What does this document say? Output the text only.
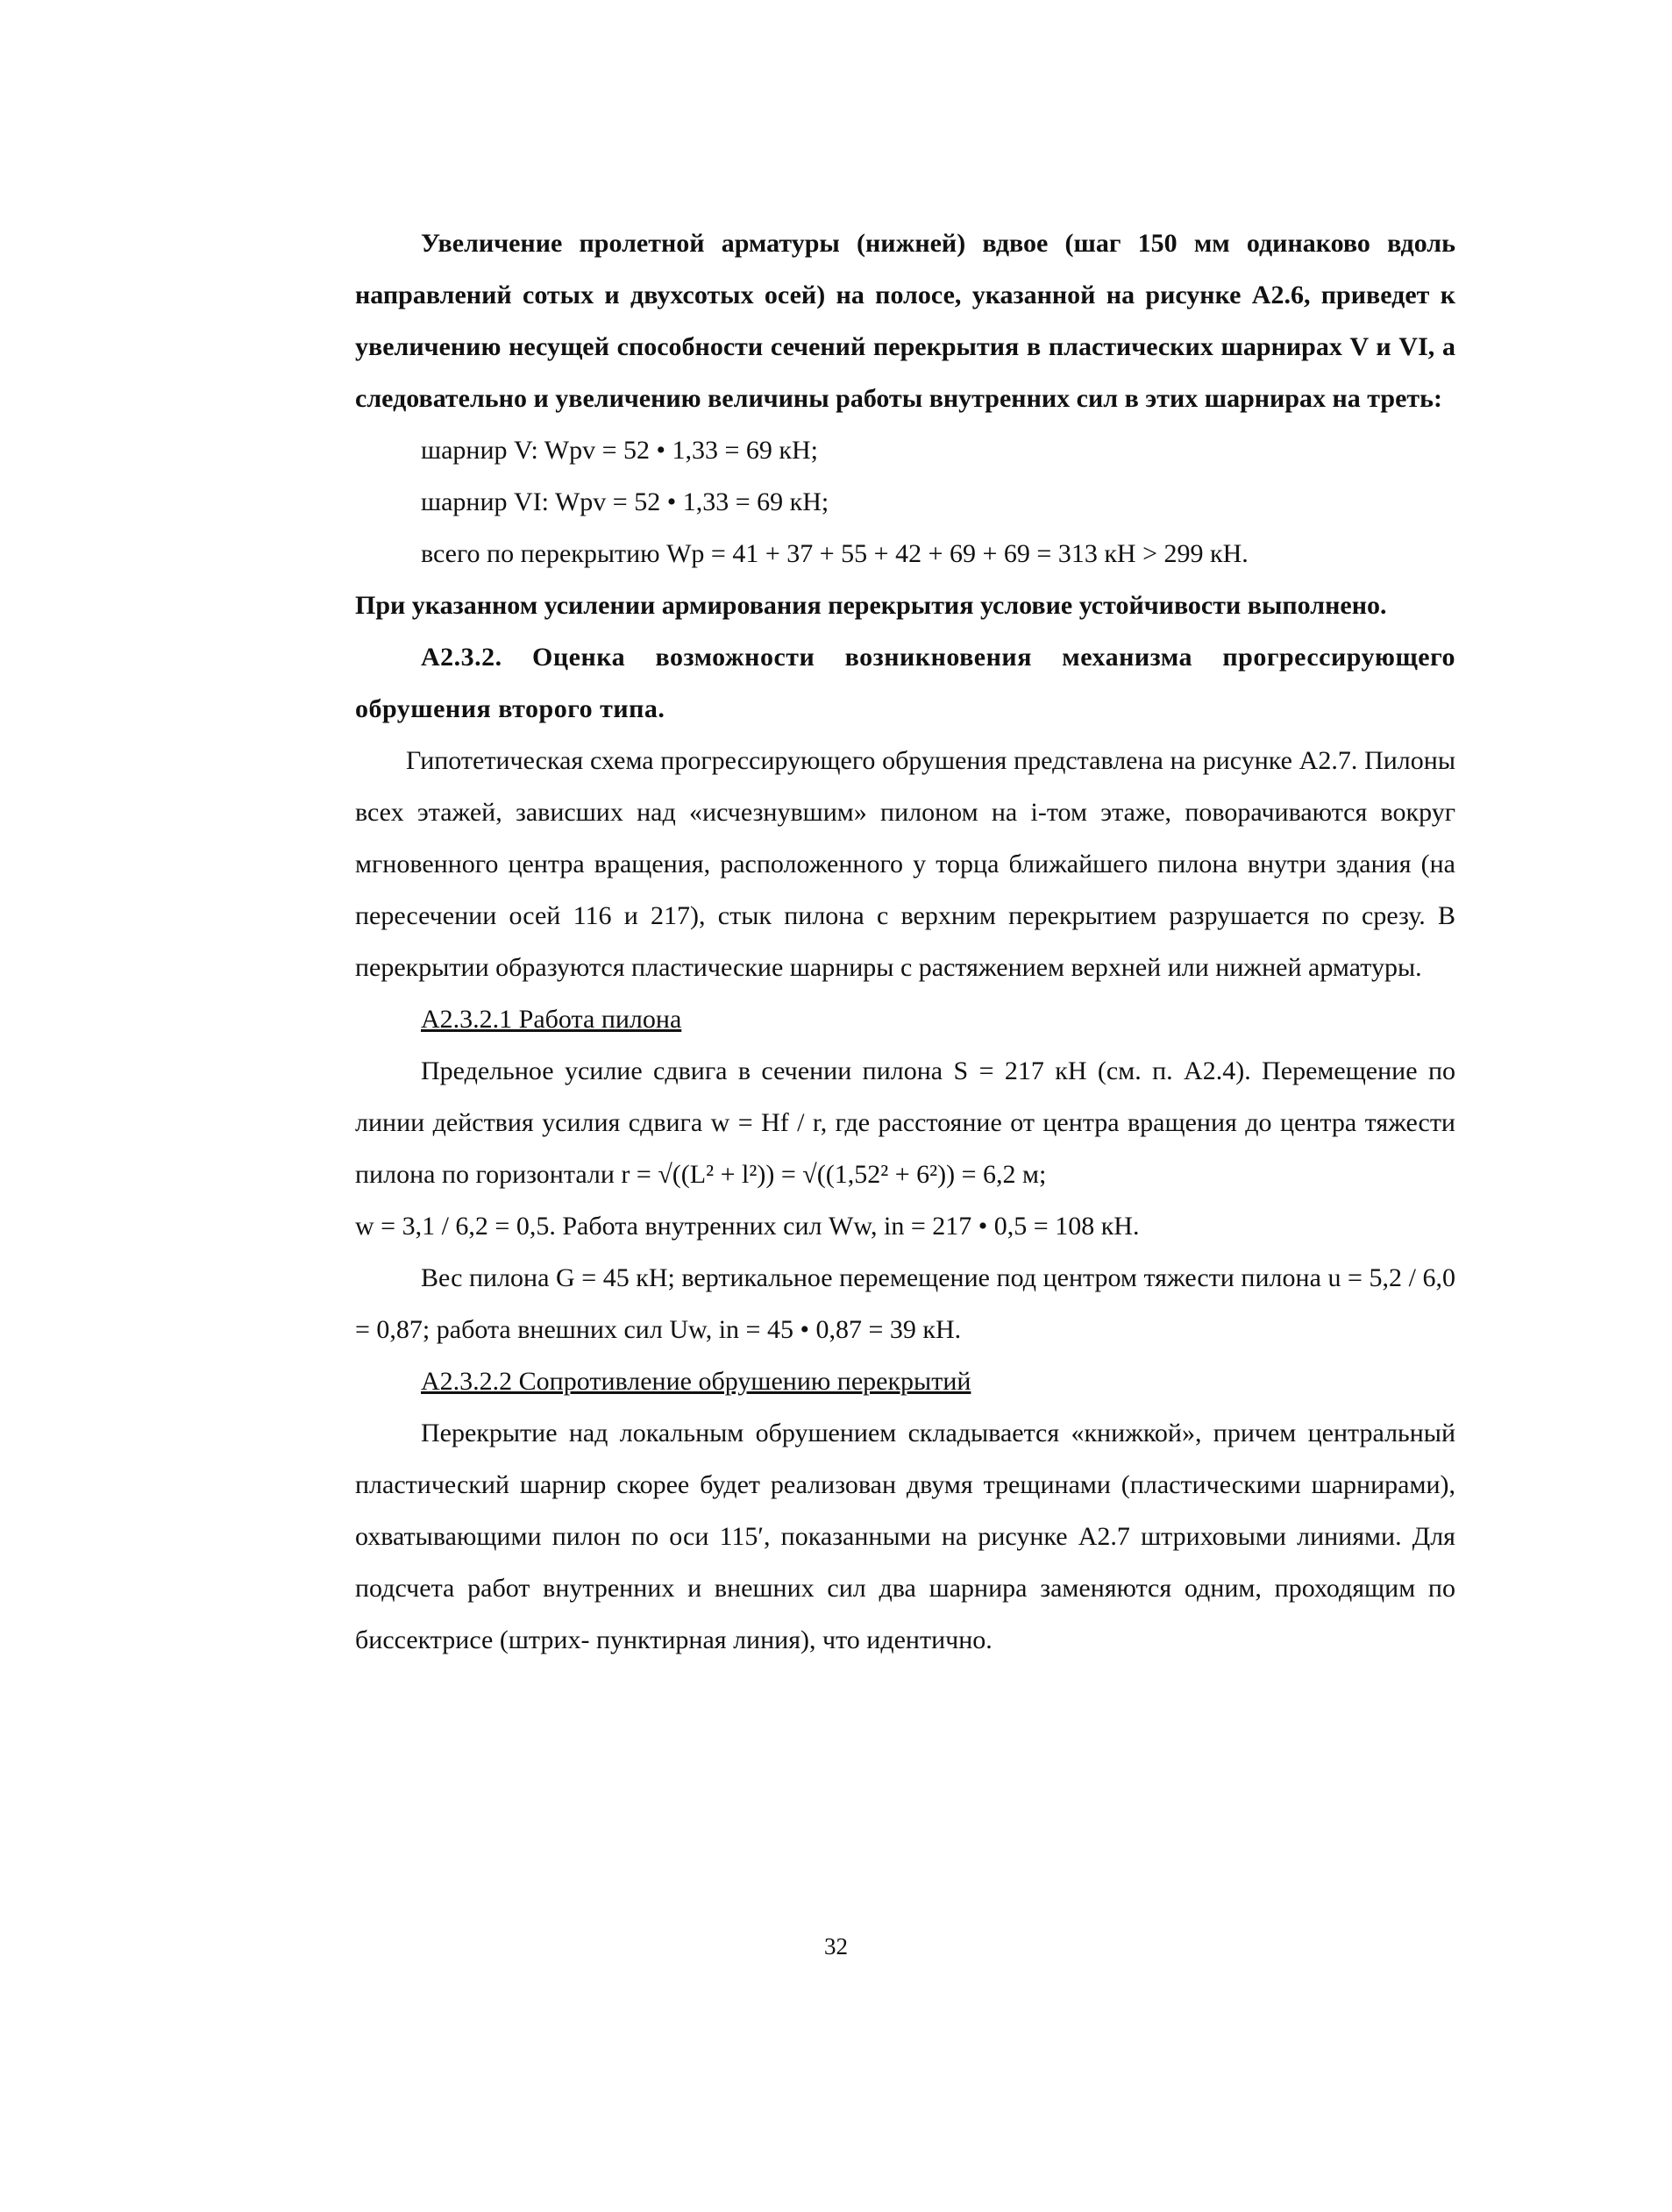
Увеличение пролетной арматуры (нижней) вдвое (шаг 150 мм одинаково вдоль направлений сотых и двухсотых осей) на полосе, указанной на рисунке А2.6, приведет к увеличению несущей способности сечений перекрытия в пластических шарнирах V и VI, а следовательно и увеличению величины работы внутренних сил в этих шарнирах на треть:

шарнир V: Wpv = 52 • 1,33 = 69 кН;
шарнир VI: Wpv = 52 • 1,33 = 69 кН;
всего по перекрытию Wp = 41 + 37 + 55 + 42 + 69 + 69 = 313 кН > 299 кН.

При указанном усилении армирования перекрытия условие устойчивости выполнено.

А2.3.2. Оценка возможности возникновения механизма прогрессирующего обрушения второго типа.

Гипотетическая схема прогрессирующего обрушения представлена на рисунке А2.7. Пилоны всех этажей, зависших над «исчезнувшим» пилоном на i-том этаже, поворачиваются вокруг мгновенного центра вращения, расположенного у торца ближайшего пилона внутри здания (на пересечении осей 116 и 217), стык пилона с верхним перекрытием разрушается по срезу. В перекрытии образуются пластические шарниры с растяжением верхней или нижней арматуры.

А2.3.2.1 Работа пилона

Предельное усилие сдвига в сечении пилона S = 217 кН (см. п. А2.4). Перемещение по линии действия усилия сдвига w = Hf / r, где расстояние от центра вращения до центра тяжести пилона по горизонтали r = √((L² + l²)) = √((1,52² + 6²)) = 6,2 м;

w = 3,1 / 6,2 = 0,5. Работа внутренних сил Ww, in = 217 • 0,5 = 108 кН.

Вес пилона G = 45 кН; вертикальное перемещение под центром тяжести пилона u = 5,2 / 6,0 = 0,87; работа внешних сил Uw, in = 45 • 0,87 = 39 кН.

А2.3.2.2 Сопротивление обрушению перекрытий

Перекрытие над локальным обрушением складывается «книжкой», причем центральный пластический шарнир скорее будет реализован двумя трещинами (пластическими шарнирами), охватывающими пилон по оси 115′, показанными на рисунке А2.7 штриховыми линиями. Для подсчета работ внутренних и внешних сил два шарнира заменяются одним, проходящим по биссектрисе (штрих- пунктирная линия), что идентично.

32
